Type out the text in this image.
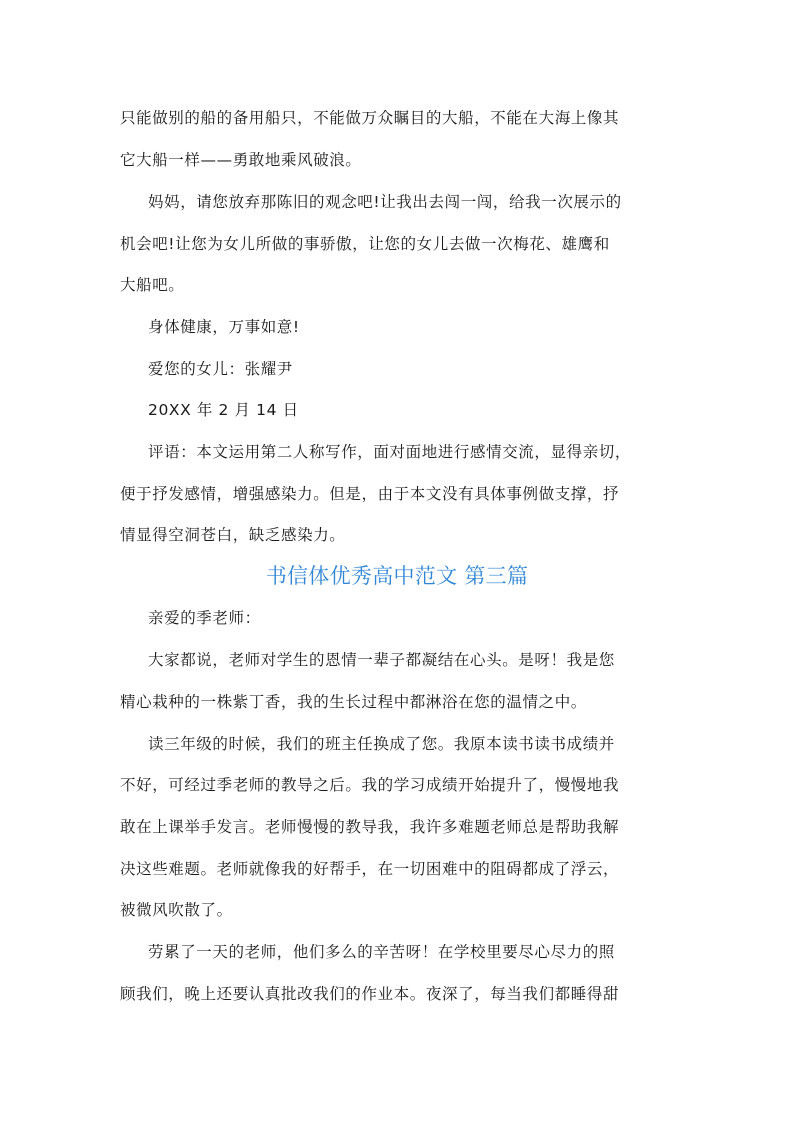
只能做别的船的备用船只，不能做万众瞩目的大船，不能在大海上像其
它大船一样——勇敢地乘风破浪。
妈妈，请您放弃那陈旧的观念吧!让我出去闯一闯，给我一次展示的
机会吧!让您为女儿所做的事骄傲，让您的女儿去做一次梅花、雄鹰和
大船吧。
身体健康，万事如意!
爱您的女儿：张耀尹
20XX 年 2 月 14 日
评语：本文运用第二人称写作，面对面地进行感情交流，显得亲切，
便于抒发感情，增强感染力。但是，由于本文没有具体事例做支撑，抒
情显得空洞苍白，缺乏感染力。
书信体优秀高中范文 第三篇
亲爱的季老师：
大家都说，老师对学生的恩情一辈子都凝结在心头。是呀！我是您
精心栽种的一株紫丁香，我的生长过程中都淋浴在您的温情之中。
读三年级的时候，我们的班主任换成了您。我原本读书读书成绩并
不好，可经过季老师的教导之后。我的学习成绩开始提升了，慢慢地我
敢在上课举手发言。老师慢慢的教导我，我许多难题老师总是帮助我解
决这些难题。老师就像我的好帮手，在一切困难中的阻碍都成了浮云，
被微风吹散了。
劳累了一天的老师，他们多么的辛苦呀！在学校里要尽心尽力的照
顾我们，晚上还要认真批改我们的作业本。夜深了，每当我们都睡得甜
